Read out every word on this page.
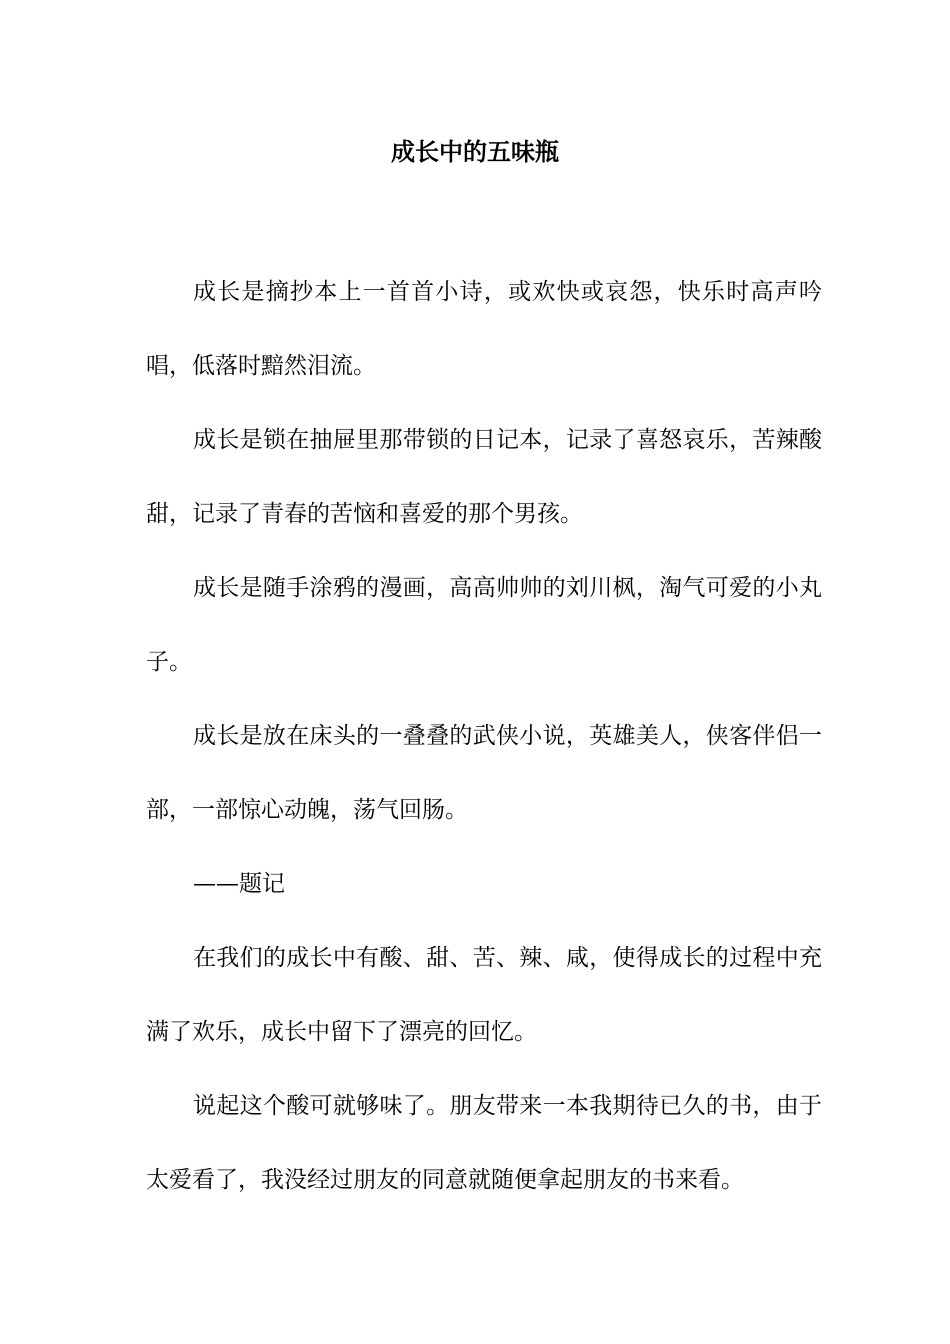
成长中的五味瓶

成长是摘抄本上一首首小诗，或欢快或哀怨，快乐时高声吟唱，低落时黯然泪流。

成长是锁在抽屉里那带锁的日记本，记录了喜怒哀乐，苦辣酸甜，记录了青春的苦恼和喜爱的那个男孩。

成长是随手涂鸦的漫画，高高帅帅的刘川枫，淘气可爱的小丸子。

成长是放在床头的一叠叠的武侠小说，英雄美人，侠客伴侣一部，一部惊心动魄，荡气回肠。

——题记

在我们的成长中有酸、甜、苦、辣、咸，使得成长的过程中充满了欢乐，成长中留下了漂亮的回忆。

说起这个酸可就够味了。朋友带来一本我期待已久的书，由于太爱看了，我没经过朋友的同意就随便拿起朋友的书来看。
